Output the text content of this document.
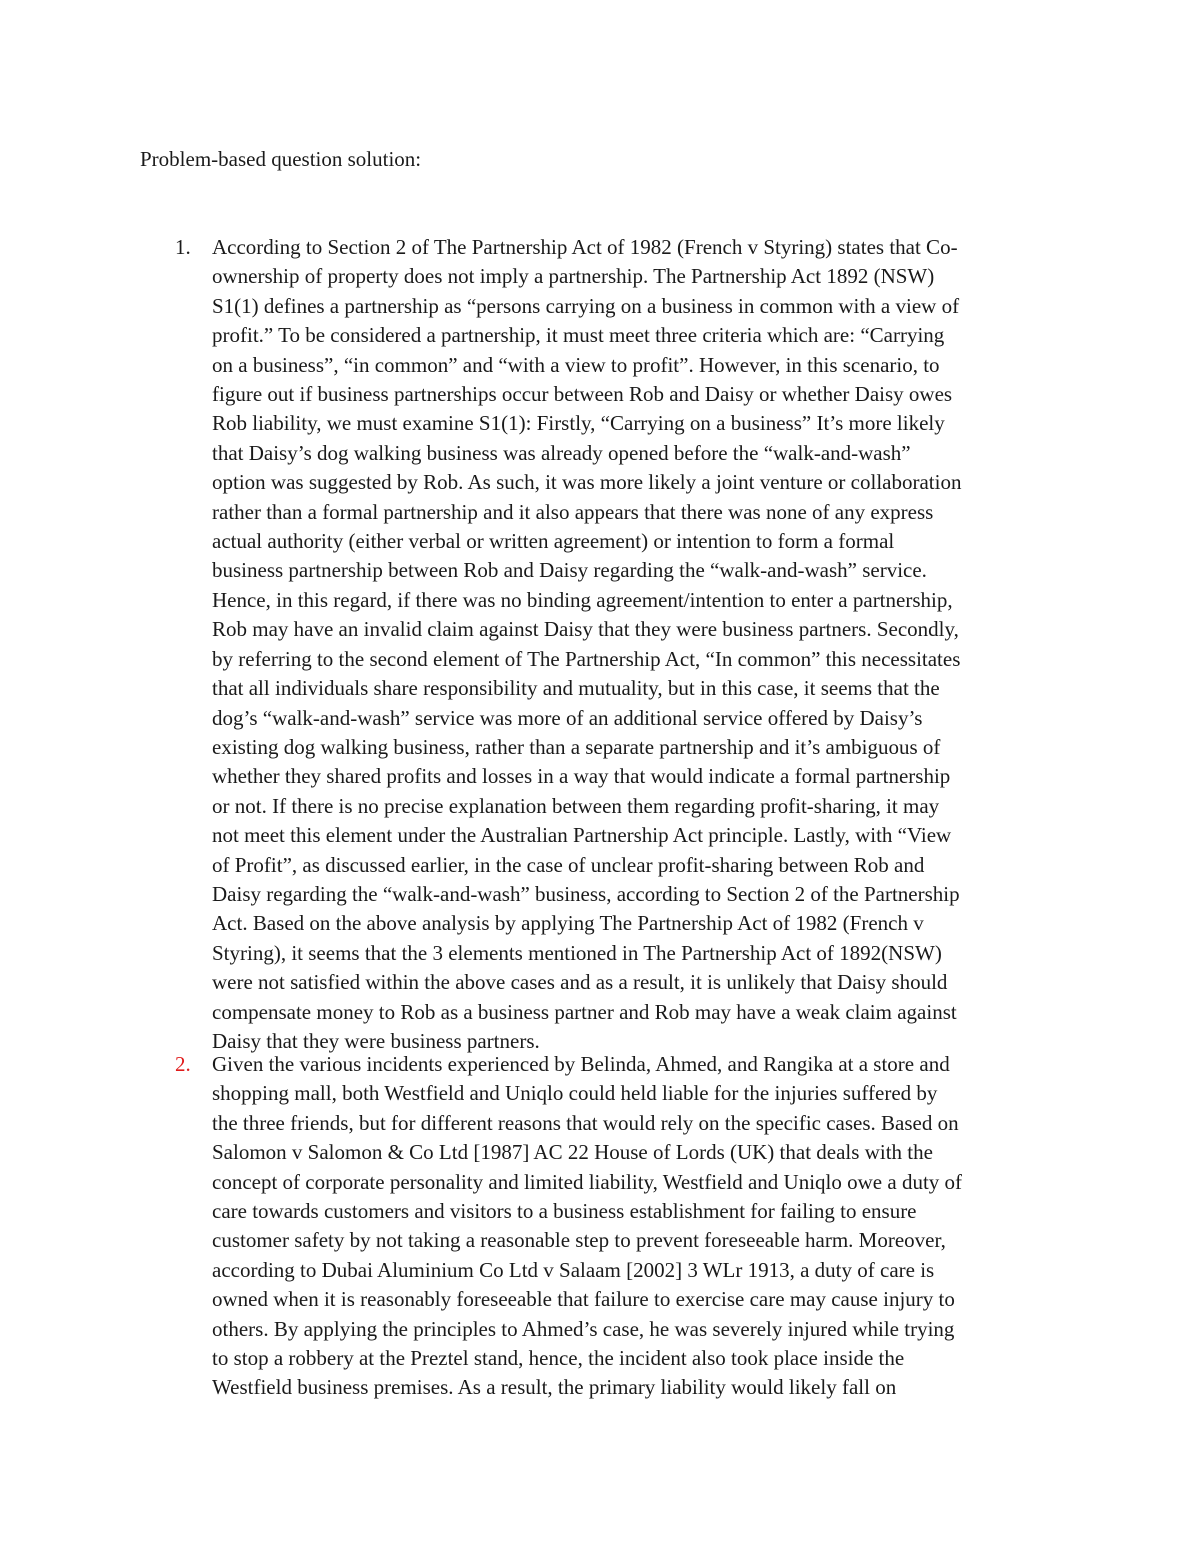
Problem-based question solution:
1. According to Section 2 of The Partnership Act of 1982 (French v Styring) states that Co-
ownership of property does not imply a partnership. The Partnership Act 1892 (NSW)
S1(1) defines a partnership as “persons carrying on a business in common with a view of
profit.” To be considered a partnership, it must meet three criteria which are: “Carrying
on a business”, “in common” and “with a view to profit”. However, in this scenario, to
figure out if business partnerships occur between Rob and Daisy or whether Daisy owes
Rob liability, we must examine S1(1): Firstly, “Carrying on a business” It’s more likely
that Daisy’s dog walking business was already opened before the “walk-and-wash”
option was suggested by Rob. As such, it was more likely a joint venture or collaboration
rather than a formal partnership and it also appears that there was none of any express
actual authority (either verbal or written agreement) or intention to form a formal
business partnership between Rob and Daisy regarding the “walk-and-wash” service.
Hence, in this regard, if there was no binding agreement/intention to enter a partnership,
Rob may have an invalid claim against Daisy that they were business partners. Secondly,
by referring to the second element of The Partnership Act, “In common” this necessitates
that all individuals share responsibility and mutuality, but in this case, it seems that the
dog’s “walk-and-wash” service was more of an additional service offered by Daisy’s
existing dog walking business, rather than a separate partnership and it’s ambiguous of
whether they shared profits and losses in a way that would indicate a formal partnership
or not. If there is no precise explanation between them regarding profit-sharing, it may
not meet this element under the Australian Partnership Act principle. Lastly, with “View
of Profit”, as discussed earlier, in the case of unclear profit-sharing between Rob and
Daisy regarding the “walk-and-wash” business, according to Section 2 of the Partnership
Act. Based on the above analysis by applying The Partnership Act of 1982 (French v
Styring), it seems that the 3 elements mentioned in The Partnership Act of 1892(NSW)
were not satisfied within the above cases and as a result, it is unlikely that Daisy should
compensate money to Rob as a business partner and Rob may have a weak claim against
Daisy that they were business partners.
2. Given the various incidents experienced by Belinda, Ahmed, and Rangika at a store and
shopping mall, both Westfield and Uniqlo could held liable for the injuries suffered by
the three friends, but for different reasons that would rely on the specific cases. Based on
Salomon v Salomon & Co Ltd [1987] AC 22 House of Lords (UK) that deals with the
concept of corporate personality and limited liability, Westfield and Uniqlo owe a duty of
care towards customers and visitors to a business establishment for failing to ensure
customer safety by not taking a reasonable step to prevent foreseeable harm. Moreover,
according to Dubai Aluminium Co Ltd v Salaam [2002] 3 WLr 1913, a duty of care is
owned when it is reasonably foreseeable that failure to exercise care may cause injury to
others. By applying the principles to Ahmed’s case, he was severely injured while trying
to stop a robbery at the Preztel stand, hence, the incident also took place inside the
Westfield business premises. As a result, the primary liability would likely fall on
